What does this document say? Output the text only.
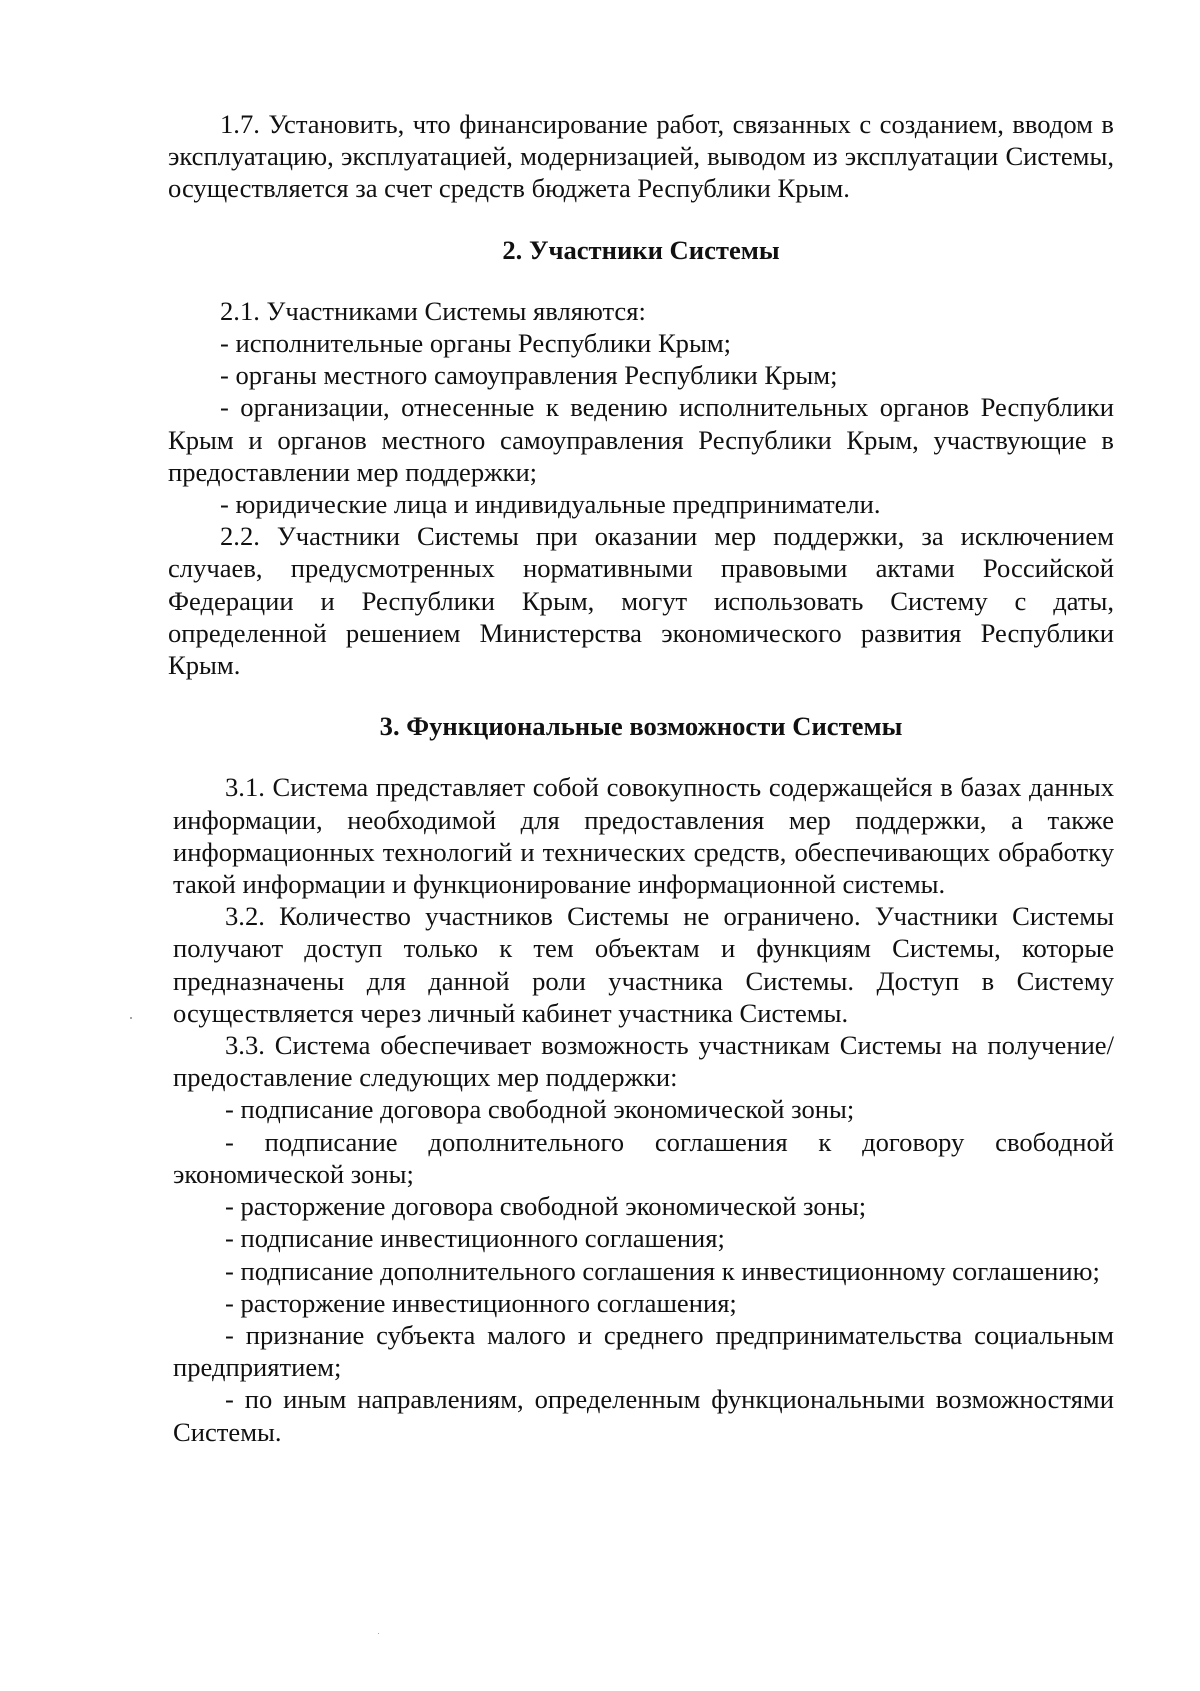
1.7. Установить, что финансирование работ, связанных с созданием, вводом в эксплуатацию, эксплуатацией, модернизацией, выводом из эксплуатации Системы, осуществляется за счет средств бюджета Республики Крым.

2. Участники Системы

2.1. Участниками Системы являются:

- исполнительные органы Республики Крым;

- органы местного самоуправления Республики Крым;

- организации, отнесенные к ведению исполнительных органов Республики Крым и органов местного самоуправления Республики Крым, участвующие в предоставлении мер поддержки;

- юридические лица и индивидуальные предприниматели.

2.2. Участники Системы при оказании мер поддержки, за исключением случаев, предусмотренных нормативными правовыми актами Российской Федерации и Республики Крым, могут использовать Систему с даты, определенной решением Министерства экономического развития Республики Крым.

3. Функциональные возможности Системы

3.1. Система представляет собой совокупность содержащейся в базах данных информации, необходимой для предоставления мер поддержки, а также информационных технологий и технических средств, обеспечивающих обработку такой информации и функционирование информационной системы.

3.2. Количество участников Системы не ограничено. Участники Системы получают доступ только к тем объектам и функциям Системы, которые предназначены для данной роли участника Системы. Доступ в Систему осуществляется через личный кабинет участника Системы.

3.3. Система обеспечивает возможность участникам Системы на получение/предоставление следующих мер поддержки:

- подписание договора свободной экономической зоны;

- подписание дополнительного соглашения к договору свободной экономической зоны;

- расторжение договора свободной экономической зоны;

- подписание инвестиционного соглашения;

- подписание дополнительного соглашения к инвестиционному соглашению;

- расторжение инвестиционного соглашения;

- признание субъекта малого и среднего предпринимательства социальным предприятием;

- по иным направлениям, определенным функциональными возможностями Системы.
